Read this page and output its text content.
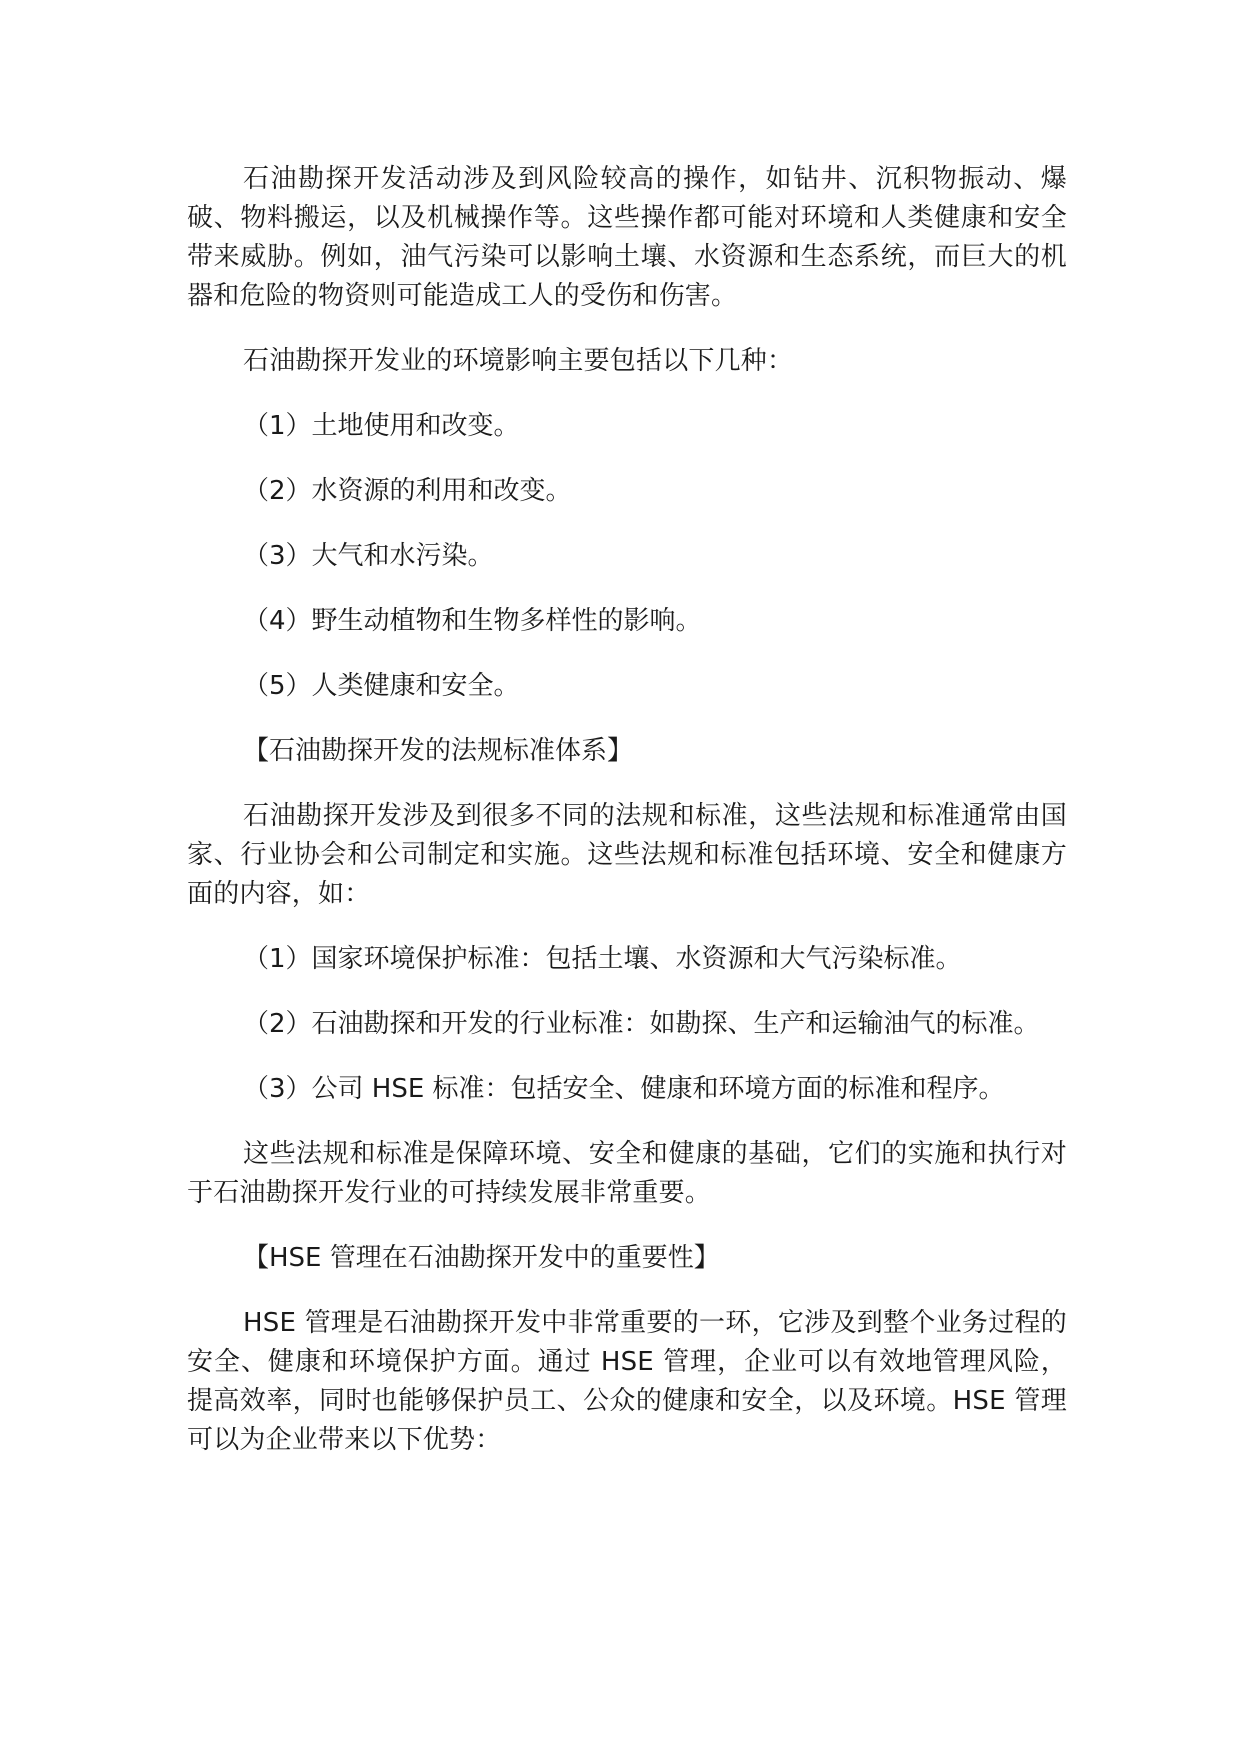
石油勘探开发活动涉及到风险较高的操作，如钻井、沉积物振动、爆破、物料搬运，以及机械操作等。这些操作都可能对环境和人类健康和安全带来威胁。例如，油气污染可以影响土壤、水资源和生态系统，而巨大的机器和危险的物资则可能造成工人的受伤和伤害。

石油勘探开发业的环境影响主要包括以下几种：

（1）土地使用和改变。
（2）水资源的利用和改变。
（3）大气和水污染。
（4）野生动植物和生物多样性的影响。
（5）人类健康和安全。
【石油勘探开发的法规标准体系】

石油勘探开发涉及到很多不同的法规和标准，这些法规和标准通常由国家、行业协会和公司制定和实施。这些法规和标准包括环境、安全和健康方面的内容，如：

（1）国家环境保护标准：包括土壤、水资源和大气污染标准。
（2）石油勘探和开发的行业标准：如勘探、生产和运输油气的标准。
（3）公司 HSE 标准：包括安全、健康和环境方面的标准和程序。

这些法规和标准是保障环境、安全和健康的基础，它们的实施和执行对于石油勘探开发行业的可持续发展非常重要。

【HSE 管理在石油勘探开发中的重要性】

HSE 管理是石油勘探开发中非常重要的一环，它涉及到整个业务过程的安全、健康和环境保护方面。通过 HSE 管理，企业可以有效地管理风险，提高效率，同时也能够保护员工、公众的健康和安全，以及环境。HSE 管理可以为企业带来以下优势：
